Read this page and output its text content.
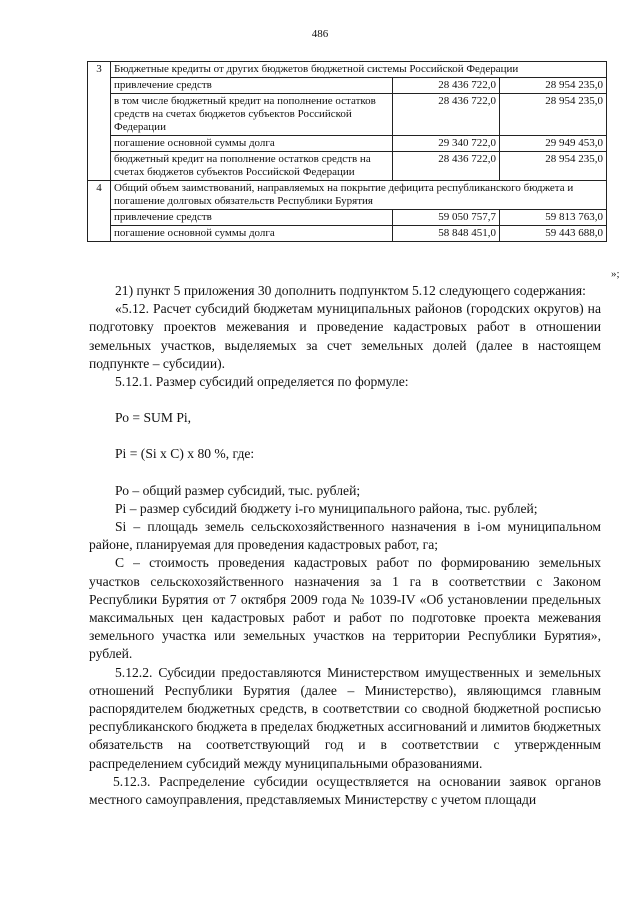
486
3	Бюджетные кредиты от других бюджетов бюджетной системы Российской Федерации		
	привлечение средств	28 436 722,0	28 954 235,0
	в том числе бюджетный кредит на пополнение остатков средств на счетах бюджетов субъектов Российской Федерации	28 436 722,0	28 954 235,0
	погашение основной суммы долга	29 340 722,0	29 949 453,0
	бюджетный кредит на пополнение остатков средств на счетах бюджетов субъектов Российской Федерации	28 436 722,0	28 954 235,0
4	Общий объем заимствований, направляемых на покрытие дефицита республиканского бюджета и погашение долговых обязательств Республики Бурятия		
	привлечение средств	59 050 757,7	59 813 763,0
	погашение основной суммы долга	58 848 451,0	59 443 688,0
»;

21) пункт 5 приложения 30 дополнить подпунктом 5.12 следующего содержания:

«5.12. Расчет субсидий бюджетам муниципальных районов (городских округов) на подготовку проектов межевания и проведение кадастровых работ в отношении земельных участков, выделяемых за счет земельных долей (далее в настоящем подпункте – субсидии).

5.12.1. Размер субсидий определяется по формуле:

Ро = SUM Pi,

Pi = (Si x C) x 80 %, где:

Ро – общий размер субсидий, тыс. рублей;

Pi – размер субсидий бюджету i-го муниципального района, тыс. рублей;

Si – площадь земель сельскохозяйственного назначения в i-ом муниципальном районе, планируемая для проведения кадастровых работ, га;

С – стоимость проведения кадастровых работ по формированию земельных участков сельскохозяйственного назначения за 1 га в соответствии с Законом Республики Бурятия от 7 октября 2009 года № 1039-IV «Об установлении предельных максимальных цен кадастровых работ и работ по подготовке проекта межевания земельного участка или земельных участков на территории Республики Бурятия», рублей.

5.12.2. Субсидии предоставляются Министерством имущественных и земельных отношений Республики Бурятия (далее – Министерство), являющимся главным распорядителем бюджетных средств, в соответствии со сводной бюджетной росписью республиканского бюджета в пределах бюджетных ассигнований и лимитов бюджетных обязательств на соответствующий год и в соответствии с утвержденным распределением субсидий между муниципальными образованиями.

5.12.3. Распределение субсидии осуществляется на основании заявок органов местного самоуправления, представляемых Министерству с учетом площади
